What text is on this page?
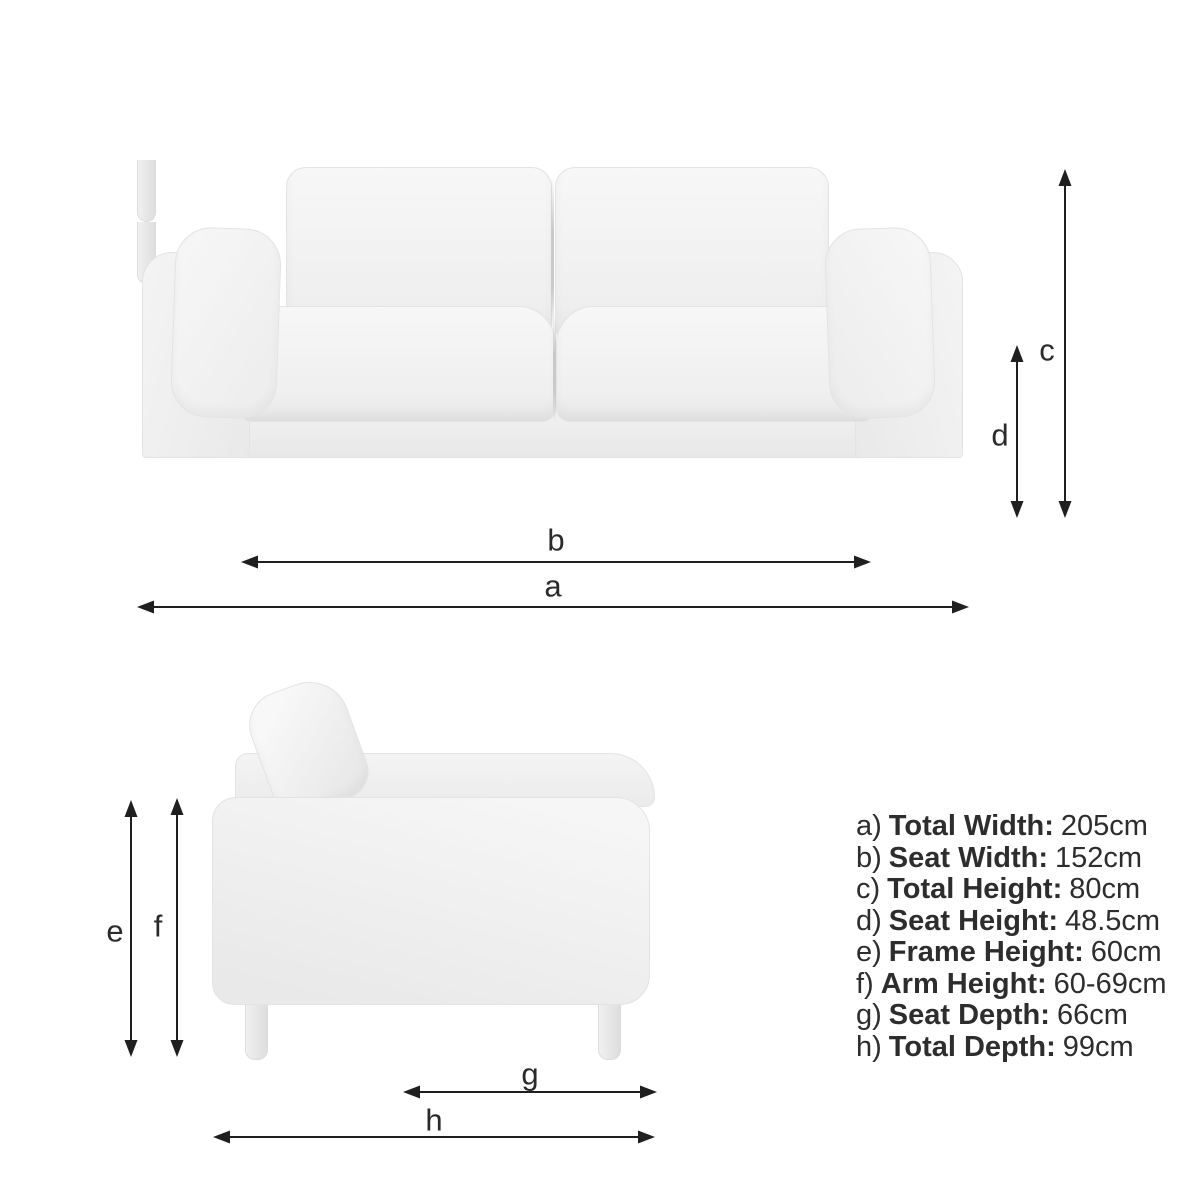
a
b
c
d
e f
g
h
a) Total Width: 205cm
b) Seat Width: 152cm
c) Total Height: 80cm
d) Seat Height: 48.5cm
e) Frame Height: 60cm
f) Arm Height: 60-69cm
g) Seat Depth: 66cm
h) Total Depth: 99cm
